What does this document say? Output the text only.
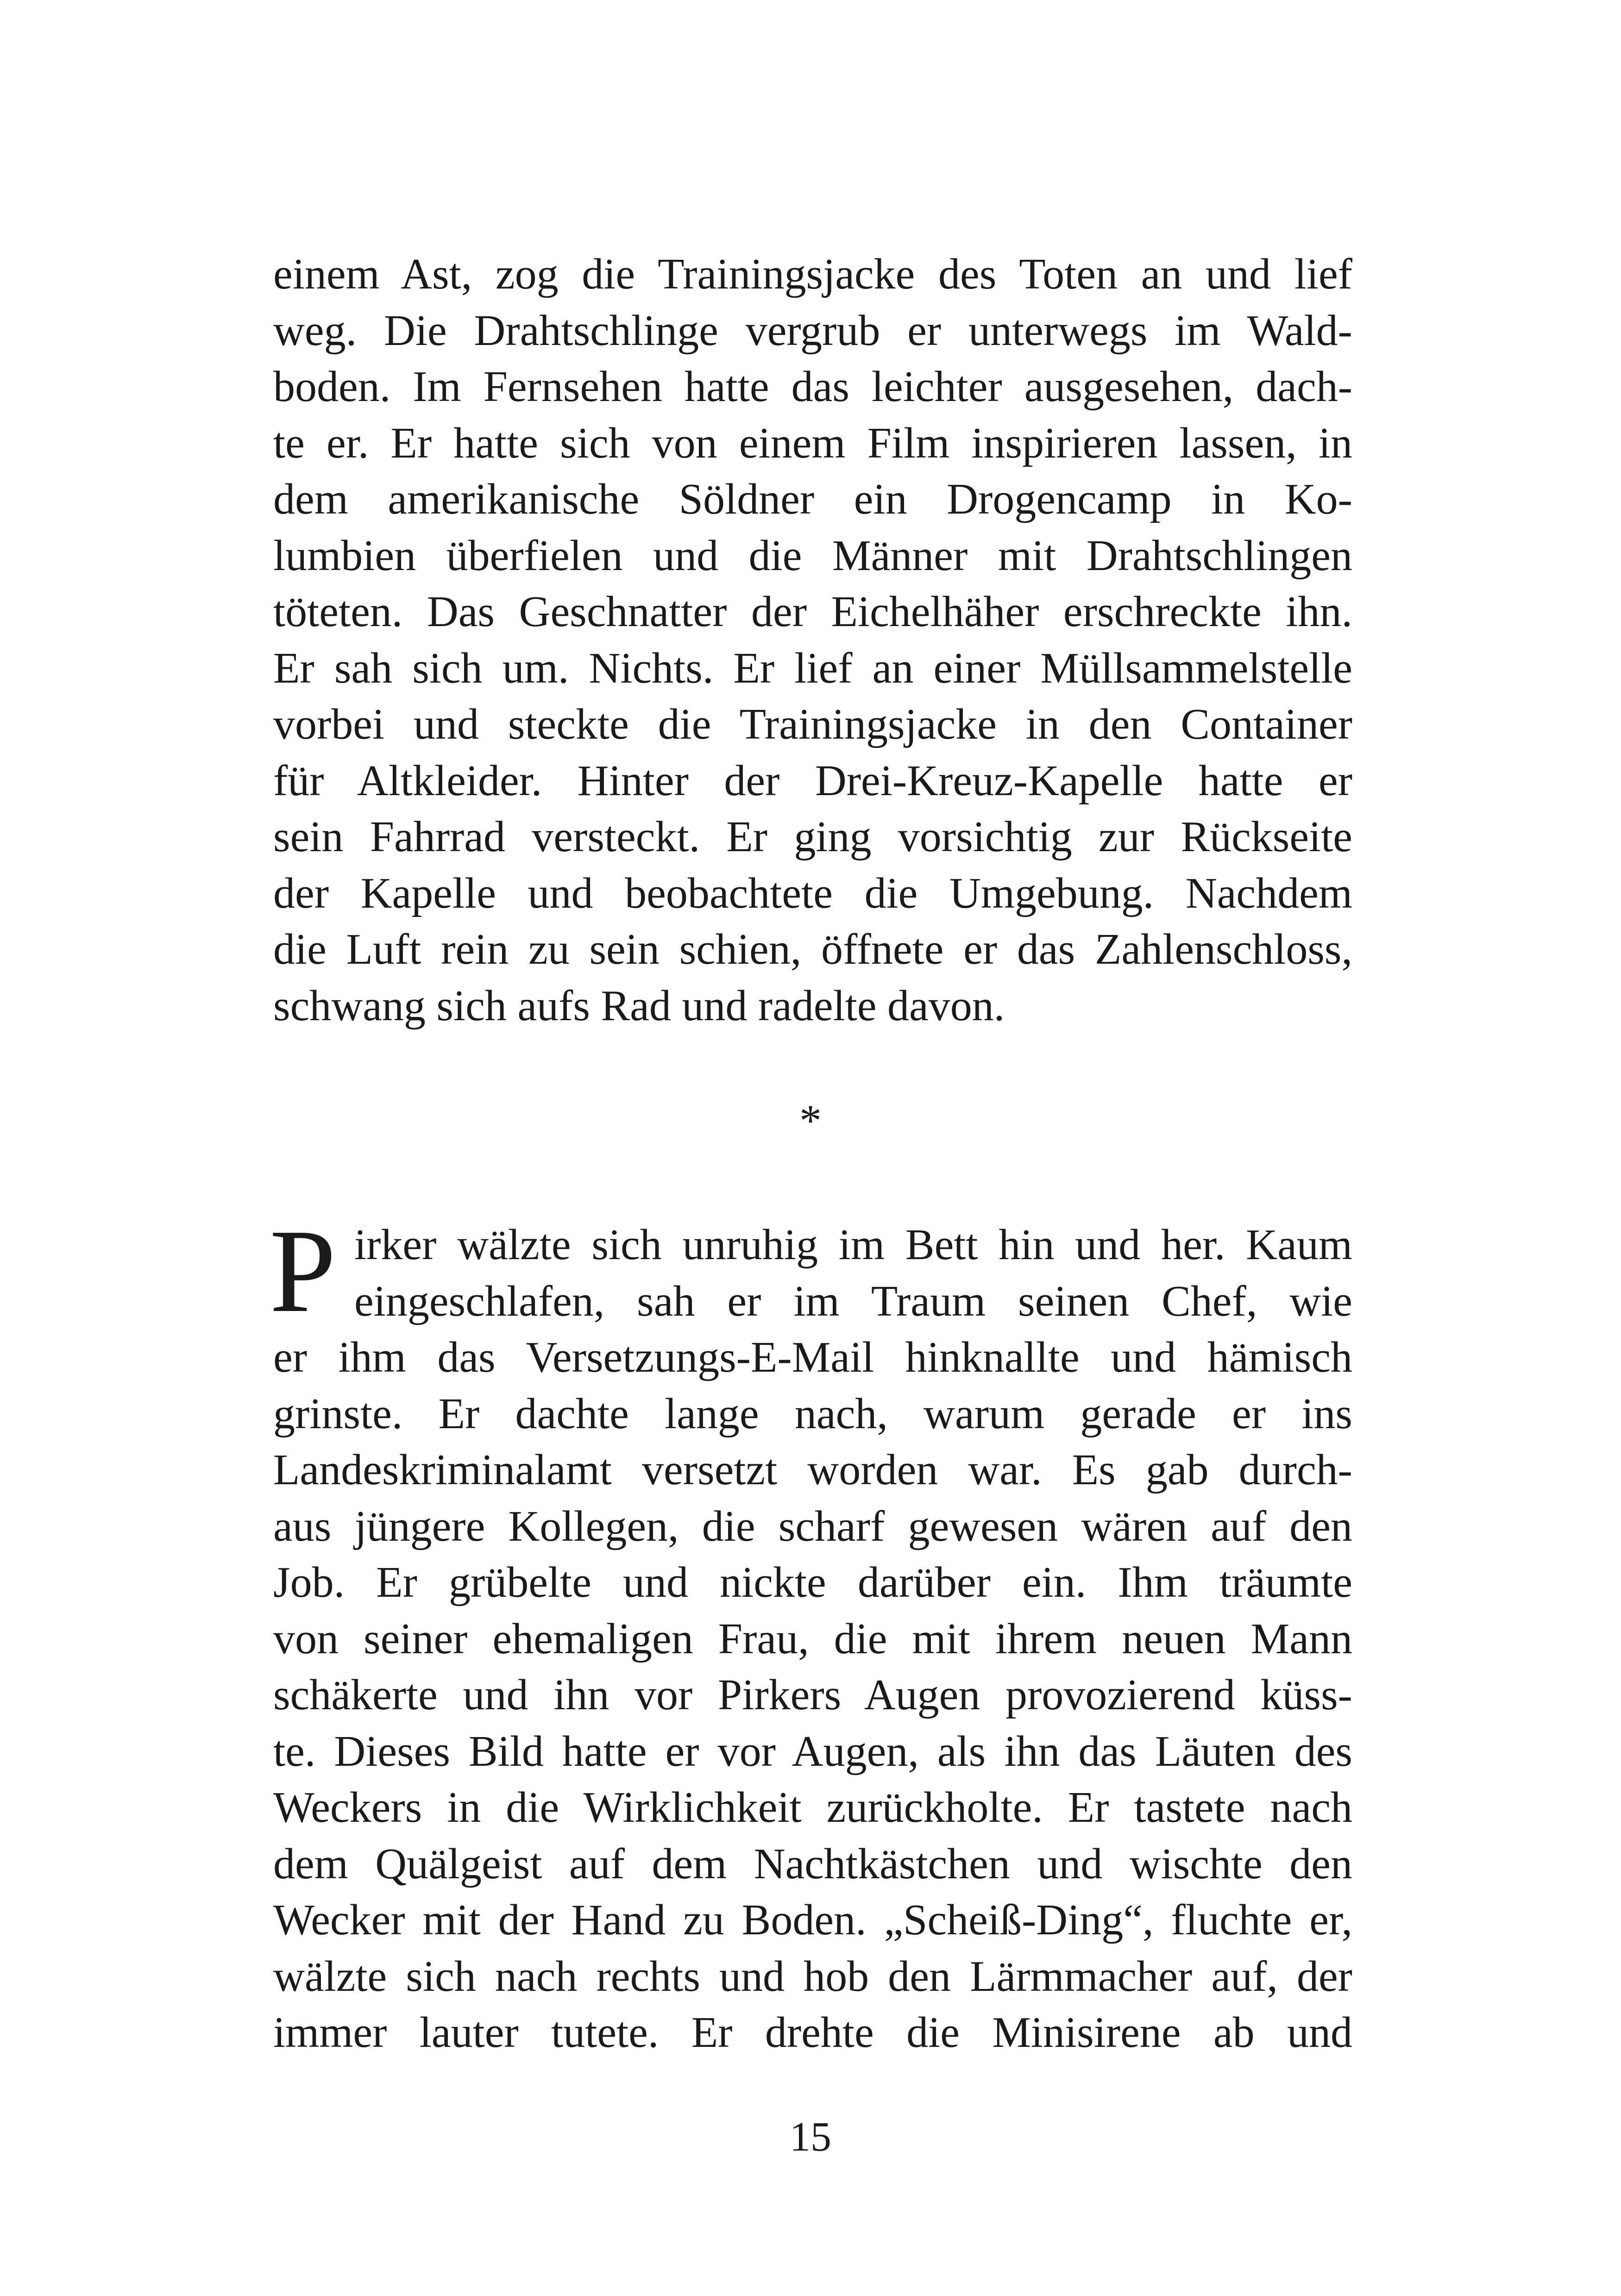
einem Ast, zog die Trainingsjacke des Toten an und lief
weg. Die Drahtschlinge vergrub er unterwegs im Wald-
boden. Im Fernsehen hatte das leichter ausgesehen, dach-
te er. Er hatte sich von einem Film inspirieren lassen, in
dem amerikanische Söldner ein Drogencamp in Ko-
lumbien überfielen und die Männer mit Drahtschlingen
töteten. Das Geschnatter der Eichelhäher erschreckte ihn.
Er sah sich um. Nichts. Er lief an einer Müllsammelstelle
vorbei und steckte die Trainingsjacke in den Container
für Altkleider. Hinter der Drei-Kreuz-Kapelle hatte er
sein Fahrrad versteckt. Er ging vorsichtig zur Rückseite
der Kapelle und beobachtete die Umgebung. Nachdem
die Luft rein zu sein schien, öffnete er das Zahlenschloss,
schwang sich aufs Rad und radelte davon.
*
P irker wälzte sich unruhig im Bett hin und her. Kaum
eingeschlafen, sah er im Traum seinen Chef, wie
er ihm das Versetzungs-E-Mail hinknallte und hämisch
grinste. Er dachte lange nach, warum gerade er ins
Landeskriminalamt versetzt worden war. Es gab durch-
aus jüngere Kollegen, die scharf gewesen wären auf den
Job. Er grübelte und nickte darüber ein. Ihm träumte
von seiner ehemaligen Frau, die mit ihrem neuen Mann
schäkerte und ihn vor Pirkers Augen provozierend küss-
te. Dieses Bild hatte er vor Augen, als ihn das Läuten des
Weckers in die Wirklichkeit zurückholte. Er tastete nach
dem Quälgeist auf dem Nachtkästchen und wischte den
Wecker mit der Hand zu Boden. „Scheiß-Ding“, fluchte er,
wälzte sich nach rechts und hob den Lärmmacher auf, der
immer lauter tutete. Er drehte die Minisirene ab und
15
